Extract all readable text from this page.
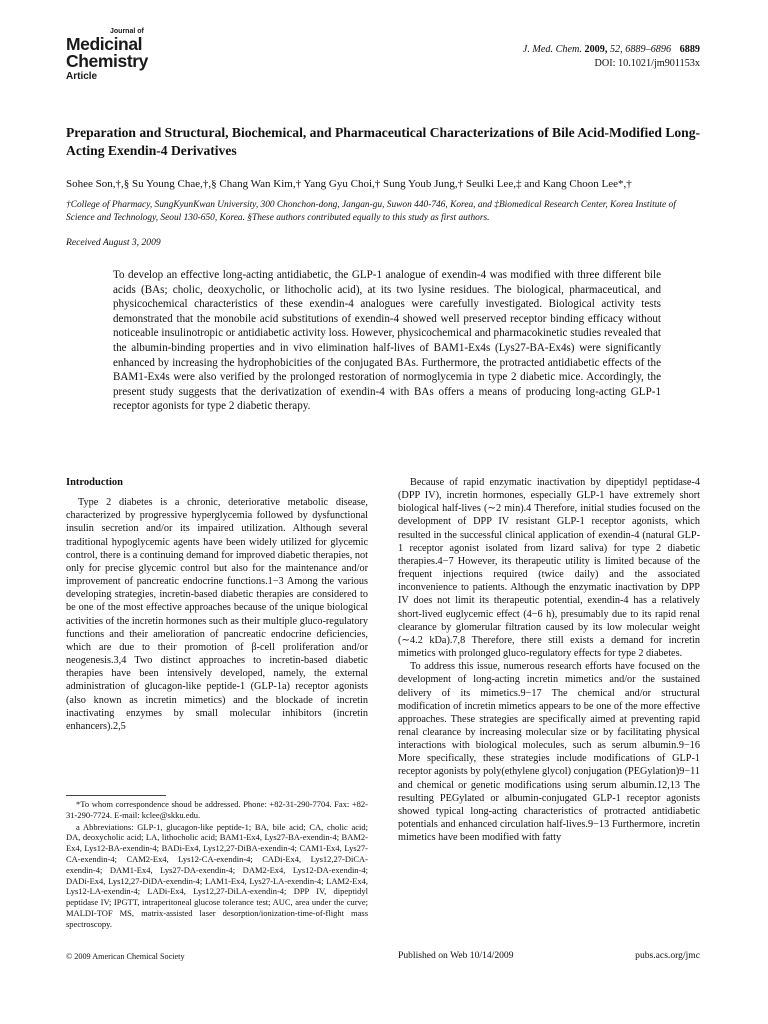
Journal of
Medicinal
Chemistry
Article
J. Med. Chem. 2009, 52, 6889–6896 6889
DOI: 10.1021/jm901153x
Preparation and Structural, Biochemical, and Pharmaceutical Characterizations of Bile Acid-Modified Long-Acting Exendin-4 Derivatives
Sohee Son,†,§ Su Young Chae,†,§ Chang Wan Kim,† Yang Gyu Choi,† Sung Youb Jung,† Seulki Lee,‡ and Kang Choon Lee*,†
†College of Pharmacy, SungKyunKwan University, 300 Chonchon-dong, Jangan-gu, Suwon 440-746, Korea, and ‡Biomedical Research Center, Korea Institute of Science and Technology, Seoul 130-650, Korea. §These authors contributed equally to this study as first authors.
Received August 3, 2009
To develop an effective long-acting antidiabetic, the GLP-1 analogue of exendin-4 was modified with three different bile acids (BAs; cholic, deoxycholic, or lithocholic acid), at its two lysine residues. The biological, pharmaceutical, and physicochemical characteristics of these exendin-4 analogues were carefully investigated. Biological activity tests demonstrated that the monobile acid substitutions of exendin-4 showed well preserved receptor binding efficacy without noticeable insulinotropic or antidiabetic activity loss. However, physicochemical and pharmacokinetic studies revealed that the albumin-binding properties and in vivo elimination half-lives of BAM1-Ex4s (Lys27-BA-Ex4s) were significantly enhanced by increasing the hydrophobicities of the conjugated BAs. Furthermore, the protracted antidiabetic effects of the BAM1-Ex4s were also verified by the prolonged restoration of normoglycemia in type 2 diabetic mice. Accordingly, the present study suggests that the derivatization of exendin-4 with BAs offers a means of producing long-acting GLP-1 receptor agonists for type 2 diabetic therapy.
Introduction

Type 2 diabetes is a chronic, deteriorative metabolic disease, characterized by progressive hyperglycemia followed by dysfunctional insulin secretion and/or its impaired utilization. Although several traditional hypoglycemic agents have been widely utilized for glycemic control, there is a continuing demand for improved diabetic therapies, not only for precise glycemic control but also for the maintenance and/or improvement of pancreatic endocrine functions.1−3 Among the various developing strategies, incretin-based diabetic therapies are considered to be one of the most effective approaches because of the unique biological activities of the incretin hormones such as their multiple gluco-regulatory functions and their amelioration of pancreatic endocrine deficiencies, which are due to their promotion of β-cell proliferation and/or neogenesis.3,4 Two distinct approaches to incretin-based diabetic therapies have been intensively developed, namely, the external administration of glucagon-like peptide-1 (GLP-1a) receptor agonists (also known as incretin mimetics) and the blockade of incretin inactivating enzymes by small molecular inhibitors (incretin enhancers).2,5

Because of rapid enzymatic inactivation by dipeptidyl peptidase-4 (DPP IV), incretin hormones, especially GLP-1 have extremely short biological half-lives (∼2 min).4 Therefore, initial studies focused on the development of DPP IV resistant GLP-1 receptor agonists, which resulted in the successful clinical application of exendin-4 (natural GLP-1 receptor agonist isolated from lizard saliva) for type 2 diabetic therapies.4−7 However, its therapeutic utility is limited because of the frequent injections required (twice daily) and the associated inconvenience to patients. Although the enzymatic inactivation by DPP IV does not limit its therapeutic potential, exendin-4 has a relatively short-lived euglycemic effect (4−6 h), presumably due to its rapid renal clearance by glomerular filtration caused by its low molecular weight (∼4.2 kDa).7,8 Therefore, there still exists a demand for incretin mimetics with prolonged gluco-regulatory effects for type 2 diabetes.

To address this issue, numerous research efforts have focused on the development of long-acting incretin mimetics and/or the sustained delivery of its mimetics.9−17 The chemical and/or structural modification of incretin mimetics appears to be one of the more effective approaches. These strategies are specifically aimed at preventing rapid renal clearance by increasing molecular size or by facilitating physical interactions with biological molecules, such as serum albumin.9−16 More specifically, these strategies include modifications of GLP-1 receptor agonists by poly(ethylene glycol) conjugation (PEGylation)9−11 and chemical or genetic modifications using serum albumin.12,13 The resulting PEGylated or albumin-conjugated GLP-1 receptor agonists showed typical long-acting characteristics of protracted antidiabetic potentials and enhanced circulation half-lives.9−13 Furthermore, incretin mimetics have been modified with fatty

*To whom correspondence shoud be addressed. Phone: +82-31-290-7704. Fax: +82-31-290-7724. E-mail: kclee@skku.edu.

a Abbreviations: GLP-1, glucagon-like peptide-1; BA, bile acid; CA, cholic acid; DA, deoxycholic acid; LA, lithocholic acid; BAM1-Ex4, Lys27-BA-exendin-4; BAM2-Ex4, Lys12-BA-exendin-4; BADi-Ex4, Lys12,27-DiBA-exendin-4; CAM1-Ex4, Lys27-CA-exendin-4; CAM2-Ex4, Lys12-CA-exendin-4; CADi-Ex4, Lys12,27-DiCA-exendin-4; DAM1-Ex4, Lys27-DA-exendin-4; DAM2-Ex4, Lys12-DA-exendin-4; DADi-Ex4, Lys12,27-DiDA-exendin-4; LAM1-Ex4, Lys27-LA-exendin-4; LAM2-Ex4, Lys12-LA-exendin-4; LADi-Ex4, Lys12,27-DiLA-exendin-4; DPP IV, dipeptidyl peptidase IV; IPGTT, intraperitoneal glucose tolerance test; AUC, area under the curve; MALDI-TOF MS, matrix-assisted laser desorption/ionization-time-of-flight mass spectroscopy.

© 2009 American Chemical Society	Published on Web 10/14/2009	pubs.acs.org/jmc
